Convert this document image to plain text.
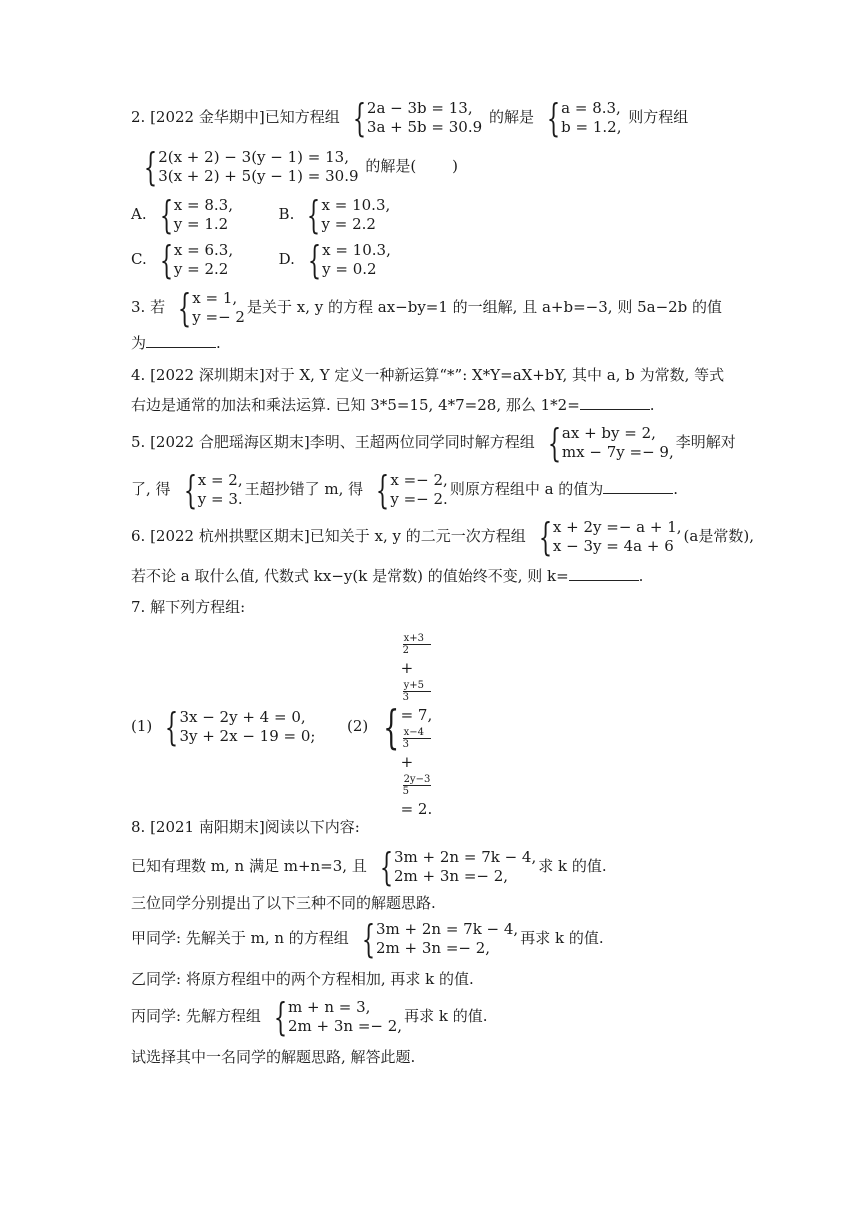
2. [2022 金华期中]已知方程组 { 2a − 3b = 13,
3a + 5b = 30.9
的解是 { a = 8.3,
b = 1.2,
则方程组
{ 2(x + 2) − 3(y − 1) = 13,
3(x + 2) + 5(y − 1) = 30.9
的解是( )
A. { x = 8.3,
y = 1.2
B. { x = 10.3,
y = 2.2
C. { x = 6.3,
y = 2.2
D. { x = 10.3,
y = 0.2
3. 若 { x = 1,
y =− 2
是关于 x, y 的方程 ax−by=1 的一组解, 且 a+b=−3, 则 5a−2b 的值
为	.
4. [2022 深圳期末]对于 X, Y 定义一种新运算“*”: X*Y=aX+bY, 其中 a, b 为常数, 等式
右边是通常的加法和乘法运算. 已知 3*5=15, 4*7=28, 那么 1*2=	.
5. [2022 合肥瑶海区期末]李明、王超两位同学同时解方程组 { ax + by = 2,
mx − 7y =− 9,
李明解对
了, 得 { x = 2,
y = 3.
王超抄错了 m, 得 { x =− 2,
y =− 2.
则原方程组中 a 的值为	.
6. [2022 杭州拱墅区期末]已知关于 x, y 的二元一次方程组 { x + 2y =− a + 1,
x − 3y = 4a + 6
(a是常数),
若不论 a 取什么值, 代数式 kx−y(k 是常数) 的值始终不变, 则 k=	.
7. 解下列方程组:
(1) { 3x − 2y + 4 = 0,
3y + 2x − 19 = 0;
(2) {
x+3
2
+
y+5
3
= 7,
x−4
3
+
2y−3
5
= 2.
8. [2021 南阳期末]阅读以下内容:
已知有理数 m, n 满足 m+n=3, 且 { 3m + 2n = 7k − 4,
2m + 3n =− 2,
求 k 的值.
三位同学分别提出了以下三种不同的解题思路.
甲同学: 先解关于 m, n 的方程组 { 3m + 2n = 7k − 4,
2m + 3n =− 2,
再求 k 的值.
乙同学: 将原方程组中的两个方程相加, 再求 k 的值.
丙同学: 先解方程组 { m + n = 3,
2m + 3n =− 2,
再求 k 的值.
试选择其中一名同学的解题思路, 解答此题.
